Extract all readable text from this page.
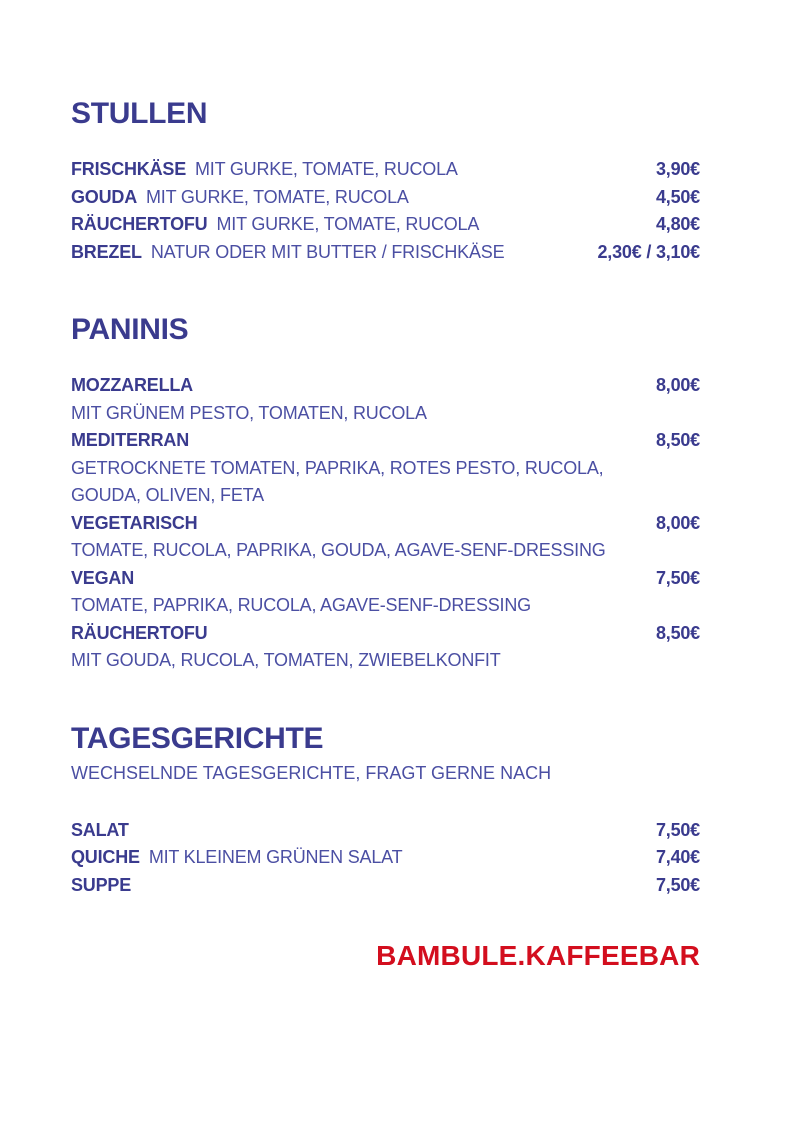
STULLEN
FRISCHKÄSE MIT GURKE, TOMATE, RUCOLA	3,90€
GOUDA MIT GURKE, TOMATE, RUCOLA	4,50€
RÄUCHERTOFU MIT GURKE, TOMATE, RUCOLA	4,80€
BREZEL NATUR ODER MIT BUTTER / FRISCHKÄSE	2,30€ / 3,10€
PANINIS
MOZZARELLA	8,00€
MIT GRÜNEM PESTO, TOMATEN, RUCOLA
MEDITERRAN	8,50€
GETROCKNETE TOMATEN, PAPRIKA, ROTES PESTO, RUCOLA,
GOUDA, OLIVEN, FETA
VEGETARISCH	8,00€
TOMATE, RUCOLA, PAPRIKA, GOUDA, AGAVE-SENF-DRESSING
VEGAN	7,50€
TOMATE, PAPRIKA, RUCOLA, AGAVE-SENF-DRESSING
RÄUCHERTOFU	8,50€
MIT GOUDA, RUCOLA, TOMATEN, ZWIEBELKONFIT
TAGESGERICHTE
WECHSELNDE TAGESGERICHTE, FRAGT GERNE NACH
SALAT	7,50€
QUICHE MIT KLEINEM GRÜNEN SALAT	7,40€
SUPPE	7,50€
BAMBULE.KAFFEEBAR
